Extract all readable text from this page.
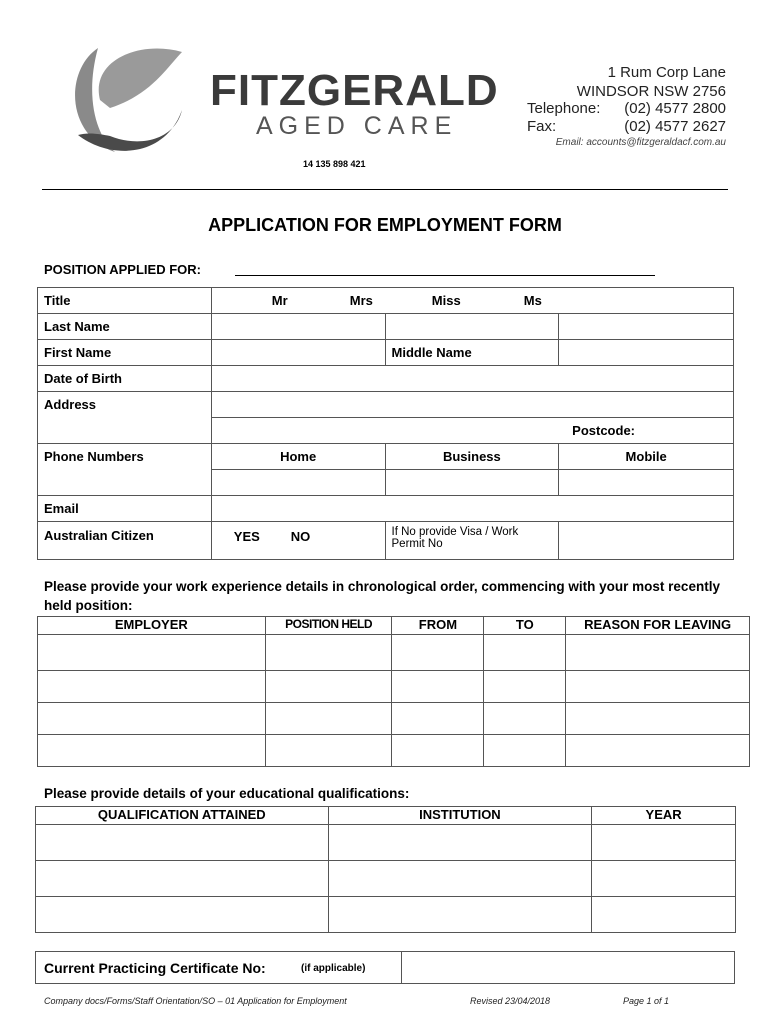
FITZGERALD
AGED CARE
14 135 898 421
1 Rum Corp Lane
WINDSOR NSW 2756
Telephone: (02) 4577 2800
Fax:	(02) 4577 2627
Email: accounts@fitzgeraldacf.com.au
APPLICATION FOR EMPLOYMENT FORM
POSITION APPLIED FOR:
Title	Mr Mrs Miss Ms		

Last Name			
First Name		Middle Name	
Date of Birth			
Address			
	Postcode:		
Phone Numbers	Home	Business	Mobile

Email			
Australian Citizen	YES NO	If No provide Visa / Work Permit No	
Please provide your work experience details in chronological order, commencing with your most recently held position:
EMPLOYER	POSITION HELD	FROM	TO	REASON FOR LEAVING

Please provide details of your educational qualifications:
QUALIFICATION ATTAINED	INSTITUTION	YEAR

Current Practicing Certificate No:	(if applicable)
Company docs/Forms/Staff Orientation/SO – 01 Application for Employment	Revised 23/04/2018	Page 1 of 1
